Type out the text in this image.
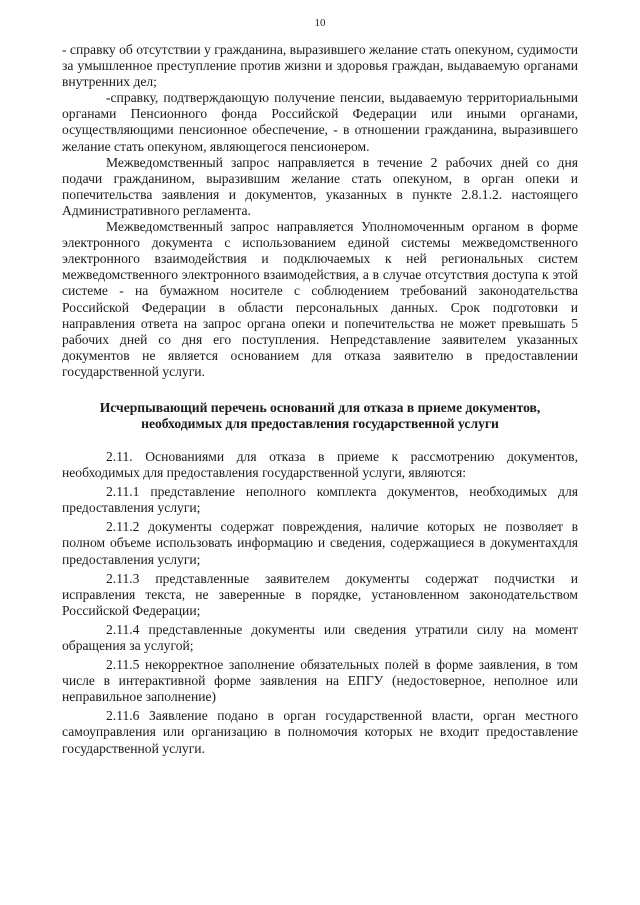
10

- справку об отсутствии у гражданина, выразившего желание стать опекуном, судимости за умышленное преступление против жизни и здоровья граждан, выдаваемую органами внутренних дел;

-справку, подтверждающую получение пенсии, выдаваемую территориальными органами Пенсионного фонда Российской Федерации или иными органами, осуществляющими пенсионное обеспечение, - в отношении гражданина, выразившего желание стать опекуном, являющегося пенсионером.

Межведомственный запрос направляется в течение 2 рабочих дней со дня подачи гражданином, выразившим желание стать опекуном, в орган опеки и попечительства заявления и документов, указанных в пункте 2.8.1.2. настоящего Административного регламента.

Межведомственный запрос направляется Уполномоченным органом в форме электронного документа с использованием единой системы межведомственного электронного взаимодействия и подключаемых к ней региональных систем межведомственного электронного взаимодействия, а в случае отсутствия доступа к этой системе - на бумажном носителе с соблюдением требований законодательства Российской Федерации в области персональных данных. Срок подготовки и направления ответа на запрос органа опеки и попечительства не может превышать 5 рабочих дней со дня его поступления. Непредставление заявителем указанных документов не является основанием для отказа заявителю в предоставлении государственной услуги.

Исчерпывающий перечень оснований для отказа в приеме документов, необходимых для предоставления государственной услуги

2.11. Основаниями для отказа в приеме к рассмотрению документов, необходимых для предоставления государственной услуги, являются:

2.11.1 представление неполного комплекта документов, необходимых для предоставления услуги;

2.11.2 документы содержат повреждения, наличие которых не позволяет в полном объеме использовать информацию и сведения, содержащиеся в документахдля предоставления услуги;

2.11.3 представленные заявителем документы содержат подчистки и исправления текста, не заверенные в порядке, установленном законодательством Российской Федерации;

2.11.4 представленные документы или сведения утратили силу на момент обращения за услугой;

2.11.5 некорректное заполнение обязательных полей в форме заявления, в том числе в интерактивной форме заявления на ЕПГУ (недостоверное, неполное или неправильное заполнение)

2.11.6 Заявление подано в орган государственной власти, орган местного самоуправления или организацию в полномочия которых не входит предоставление государственной услуги.
